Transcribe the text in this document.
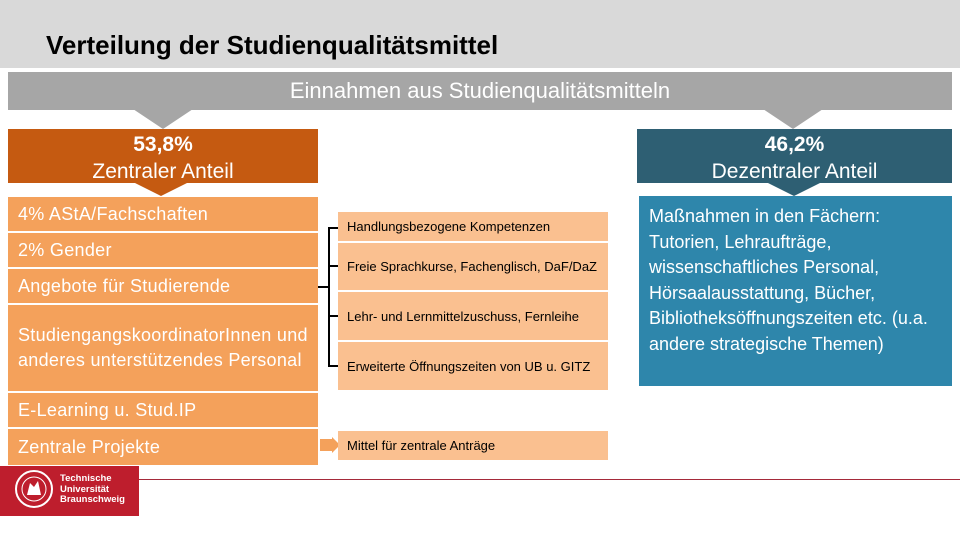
Verteilung der Studienqualitätsmittel
Einnahmen aus Studienqualitätsmitteln
53,8%
Zentraler Anteil
46,2%
Dezentraler Anteil
4% AStA/Fachschaften
2% Gender
Angebote für Studierende
StudiengangskoordinatorInnen und anderes unterstützendes Personal
E-Learning u. Stud.IP
Zentrale Projekte
Handlungsbezogene Kompetenzen
Freie Sprachkurse, Fachenglisch, DaF/DaZ
Lehr- und Lernmittelzuschuss, Fernleihe
Erweiterte Öffnungszeiten von UB u. GITZ
Mittel für zentrale Anträge
Maßnahmen in den Fächern: Tutorien, Lehraufträge, wissenschaftliches Personal, Hörsaalausstattung, Bücher, Bibliotheksöffnungszeiten etc. (u.a. andere strategische Themen)
Technische
Universität
Braunschweig
